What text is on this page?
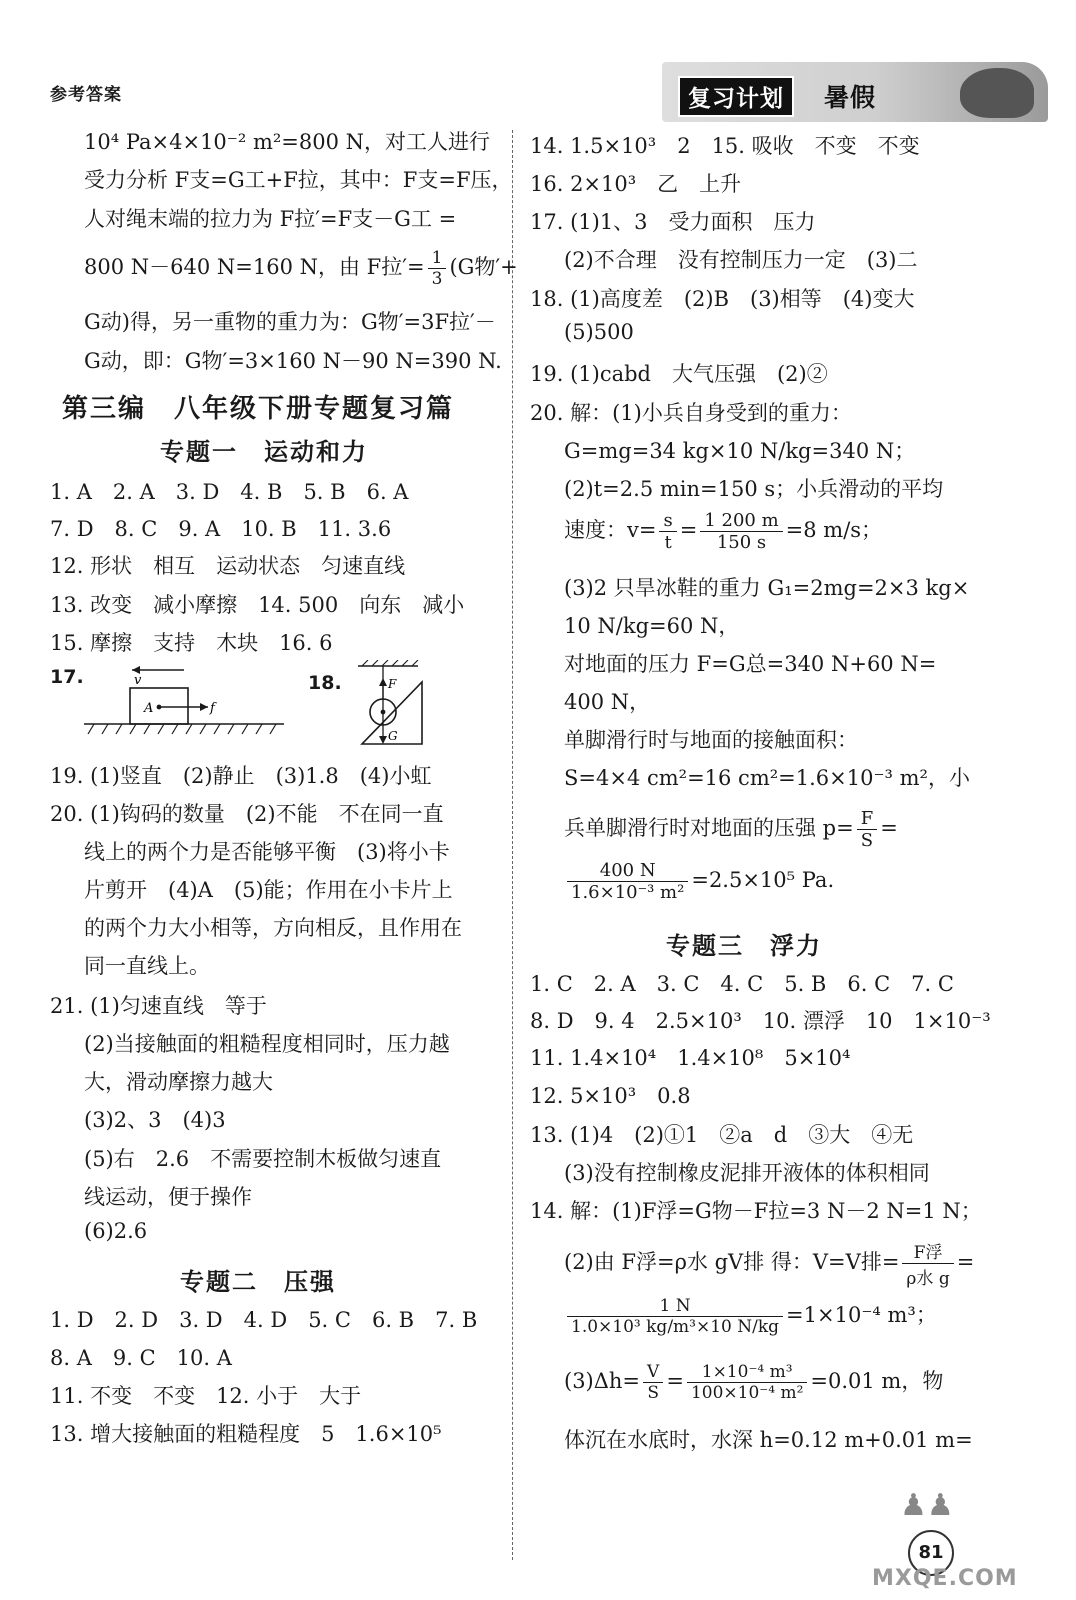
参考答案	复习计划	暑假
10⁴ Pa×4×10⁻² m²=800 N，对工人进行
受力分析 F支=G工+F拉，其中：F支=F压，
人对绳末端的拉力为 F拉′=F支－G工 =
800 N－640 N=160 N，由 F拉′= $\frac{1}{3} (G$物′+
G动)得，另一重物的重力为：G物′=3F拉′－
G动，即：G物′=3×160 N－90 N=390 N.
第三编　八年级下册专题复习篇
专题一　运动和力
1. A　2. A　3. D　4. B　5. B　6. A
7. D　8. C　9. A　10. B　11. 3.6
12. 形状　相互　运动状态　匀速直线
13. 改变　减小摩擦　14. 500　向东　减小
15. 摩擦　支持　木块　16. 6
17.	v
A	f
18.	F
G
19. (1)竖直　(2)静止　(3)1.8　(4)小虹
20. (1)钩码的数量　(2)不能　不在同一直
线上的两个力是否能够平衡　(3)将小卡
片剪开　(4)A　(5)能；作用在小卡片上
的两个力大小相等，方向相反，且作用在
同一直线上。
21. (1)匀速直线　等于
(2)当接触面的粗糙程度相同时，压力越
大，滑动摩擦力越大
(3)2、3　(4)3
(5)右　2.6　不需要控制木板做匀速直
线运动，便于操作
(6)2.6
专题二　压强
1. D　2. D　3. D　4. D　5. C　6. B　7. B
8. A　9. C　10. A
11. 不变　不变　12. 小于　大于
13. 增大接触面的粗糙程度　5　1.6×10⁵
14. 1.5×10³　2　15. 吸收　不变　不变
16. 2×10³　乙　上升
17. (1)1、3　受力面积　压力
(2)不合理　没有控制压力一定　(3)二
18. (1)高度差　(2)B　(3)相等　(4)变大
(5)500
19. (1)cabd　大气压强　(2)②
20. 解：(1)小兵自身受到的重力：
G=mg=34 kg×10 N/kg=340 N；
(2)t=2.5 min=150 s；小兵滑动的平均
速度：$v= \frac{s}{t} = \frac{1 200 m}{150 s} =8$ m/s；
(3)2 只旱冰鞋的重力 G₁=2mg=2×3 kg×
10 N/kg=60 N，
对地面的压力 F=G总=340 N+60 N=
400 N，
单脚滑行时与地面的接触面积：
S=4×4 cm²=16 cm²=1.6×10⁻³ m²，小
兵单脚滑行时对地面的压强 $p= \frac{F}{S}$ =
$\frac{400 N}{\text{1.6×10⁻³ m²}} =2.5\times 10^5$ Pa.
专题三　浮力
1. C　2. A　3. C　4. C　5. B　6. C　7. C
8. D　9. 4　2.5×10³　10. 漂浮　10　1×10⁻³
11. 1.4×10⁴　1.4×10⁸　5×10⁴
12. 5×10³　0.8
13. (1)4　(2)①1　②a　d　③大　④无
(3)没有控制橡皮泥排开液体的体积相同
14. 解：(1)F浮=G物－F拉=3 N－2 N=1 N；
(2)由 F浮=ρ水 gV排 得：V=V排= $\frac{\text{F浮}}{\text{ρ水 g}}$ =
$\frac{1 N}{\text{1.0×10³ kg/m³×10 N/kg}} =1\times 10^{-4}$ m³；
$(3)\Delta h= \frac{V}{S} = \frac{\text{1×10⁻⁴ m³}}{\text{100×10⁻⁴ m²}} =0.01$ m，物
体沉在水底时，水深 h=0.12 m+0.01 m=
♟♟
81
MXQE.COM
